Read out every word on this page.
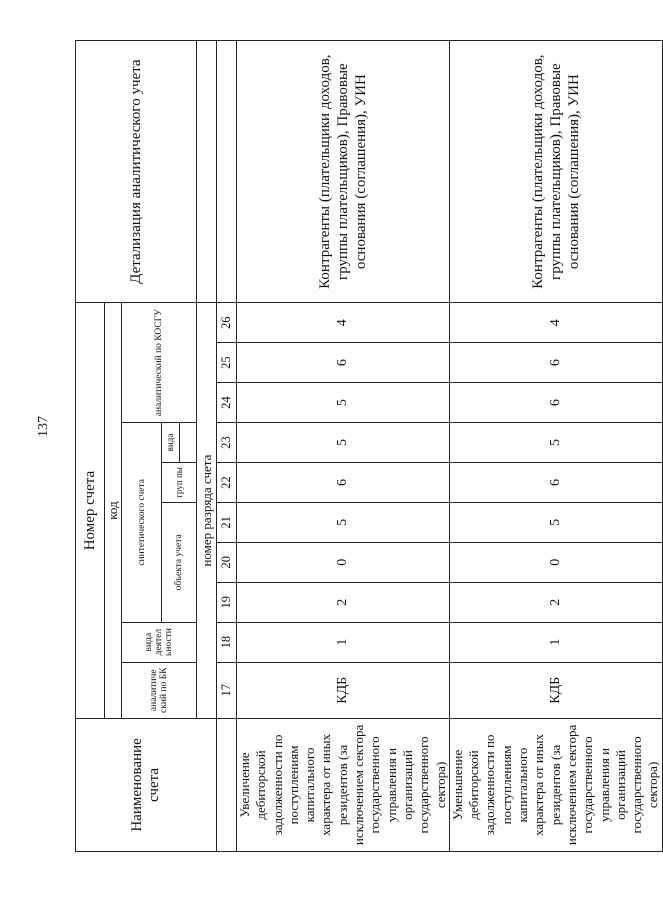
137
Наименование счета	Номер счета										Детализация аналитического учета
	код										
	аналитиче ский по БК	вида деятел ьности	синтетического счета					аналитический по КОСГУ			
			объекта учета			груп пы	вида				

	номер разряда счета										
	17	18	19	20	21	22	23	24	25	26	
Увеличение дебиторской задолженности по поступлениям капитального характера от иных резидентов (за исключением сектора государственного управления и организаций государственного сектора)	КДБ	1	2	0	5	6	5	5	6	4	Контрагенты (плательщики доходов, группы плательщиков), Правовые основания (соглашения), УИН
Уменьшение дебиторской задолженности по поступлениям капитального характера от иных резидентов (за исключением сектора государственного управления и организаций государственного сектора)	КДБ	1	2	0	5	6	5	6	6	4	Контрагенты (плательщики доходов, группы плательщиков), Правовые основания (соглашения), УИН
